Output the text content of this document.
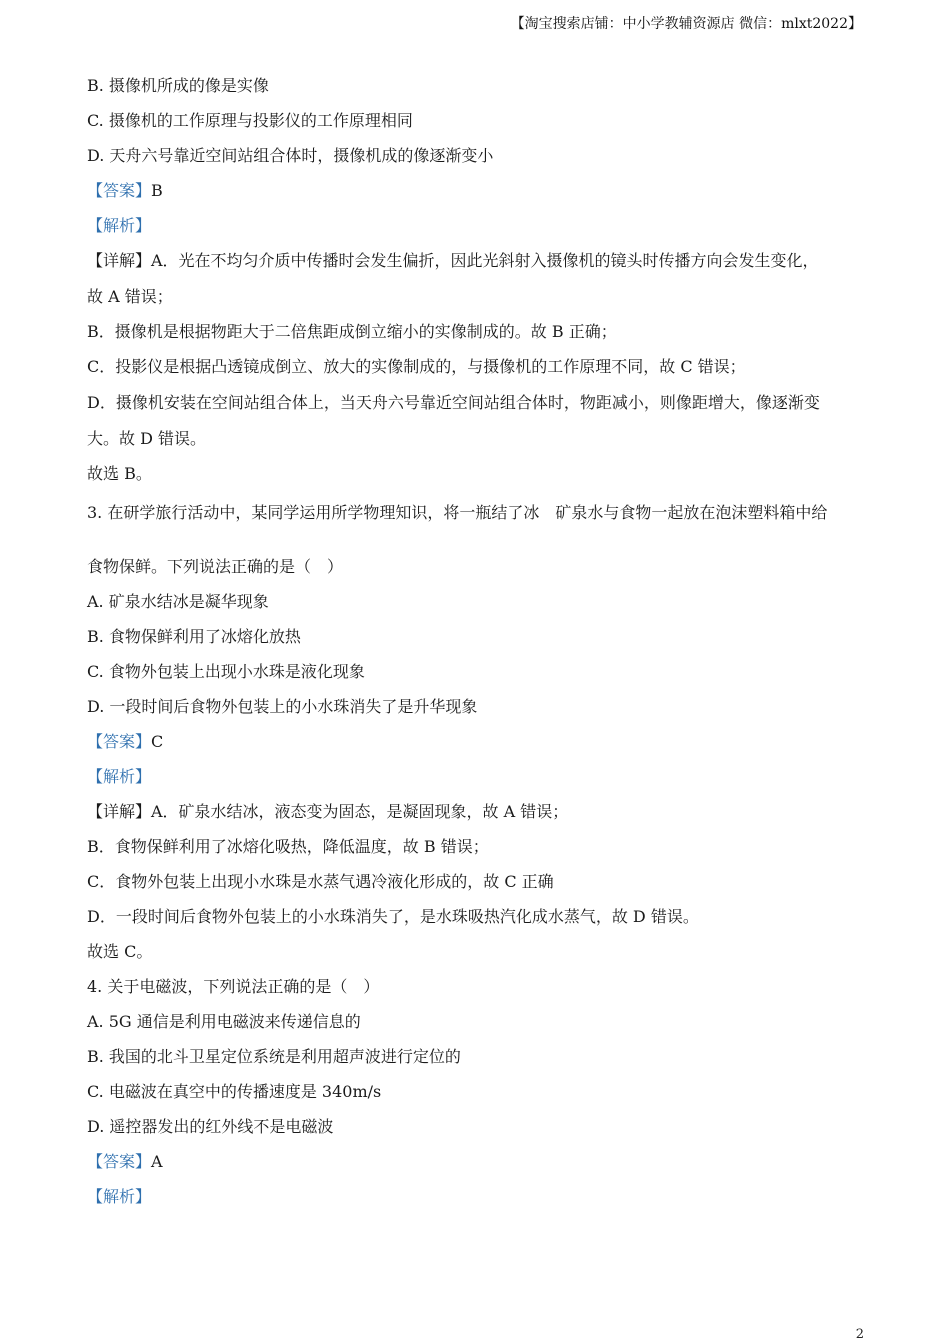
【淘宝搜索店铺：中小学教辅资源店 微信：mlxt2022】
B. 摄像机所成的像是实像
C. 摄像机的工作原理与投影仪的工作原理相同
D. 天舟六号靠近空间站组合体时，摄像机成的像逐渐变小
【答案】B
【解析】
【详解】A．光在不均匀介质中传播时会发生偏折，因此光斜射入摄像机的镜头时传播方向会发生变化，
故 A 错误；
B．摄像机是根据物距大于二倍焦距成倒立缩小的实像制成的。故 B 正确；
C．投影仪是根据凸透镜成倒立、放大的实像制成的，与摄像机的工作原理不同，故 C 错误；
D．摄像机安装在空间站组合体上，当天舟六号靠近空间站组合体时，物距减小，则像距增大，像逐渐变
大。故 D 错误。
故选 B。
3. 在研学旅行活动中，某同学运用所学物理知识，将一瓶结了冰　矿泉水与食物一起放在泡沫塑料箱中给
食物保鲜。下列说法正确的是（　）
A. 矿泉水结冰是凝华现象
B. 食物保鲜利用了冰熔化放热
C. 食物外包装上出现小水珠是液化现象
D. 一段时间后食物外包装上的小水珠消失了是升华现象
【答案】C
【解析】
【详解】A．矿泉水结冰，液态变为固态，是凝固现象，故 A 错误；
B．食物保鲜利用了冰熔化吸热，降低温度，故 B 错误；
C．食物外包装上出现小水珠是水蒸气遇冷液化形成的，故 C 正确
D．一段时间后食物外包装上的小水珠消失了，是水珠吸热汽化成水蒸气，故 D 错误。
故选 C。
4. 关于电磁波，下列说法正确的是（　）
A. 5G 通信是利用电磁波来传递信息的
B. 我国的北斗卫星定位系统是利用超声波进行定位的
C. 电磁波在真空中的传播速度是 340m/s
D. 遥控器发出的红外线不是电磁波
【答案】A
【解析】
2
